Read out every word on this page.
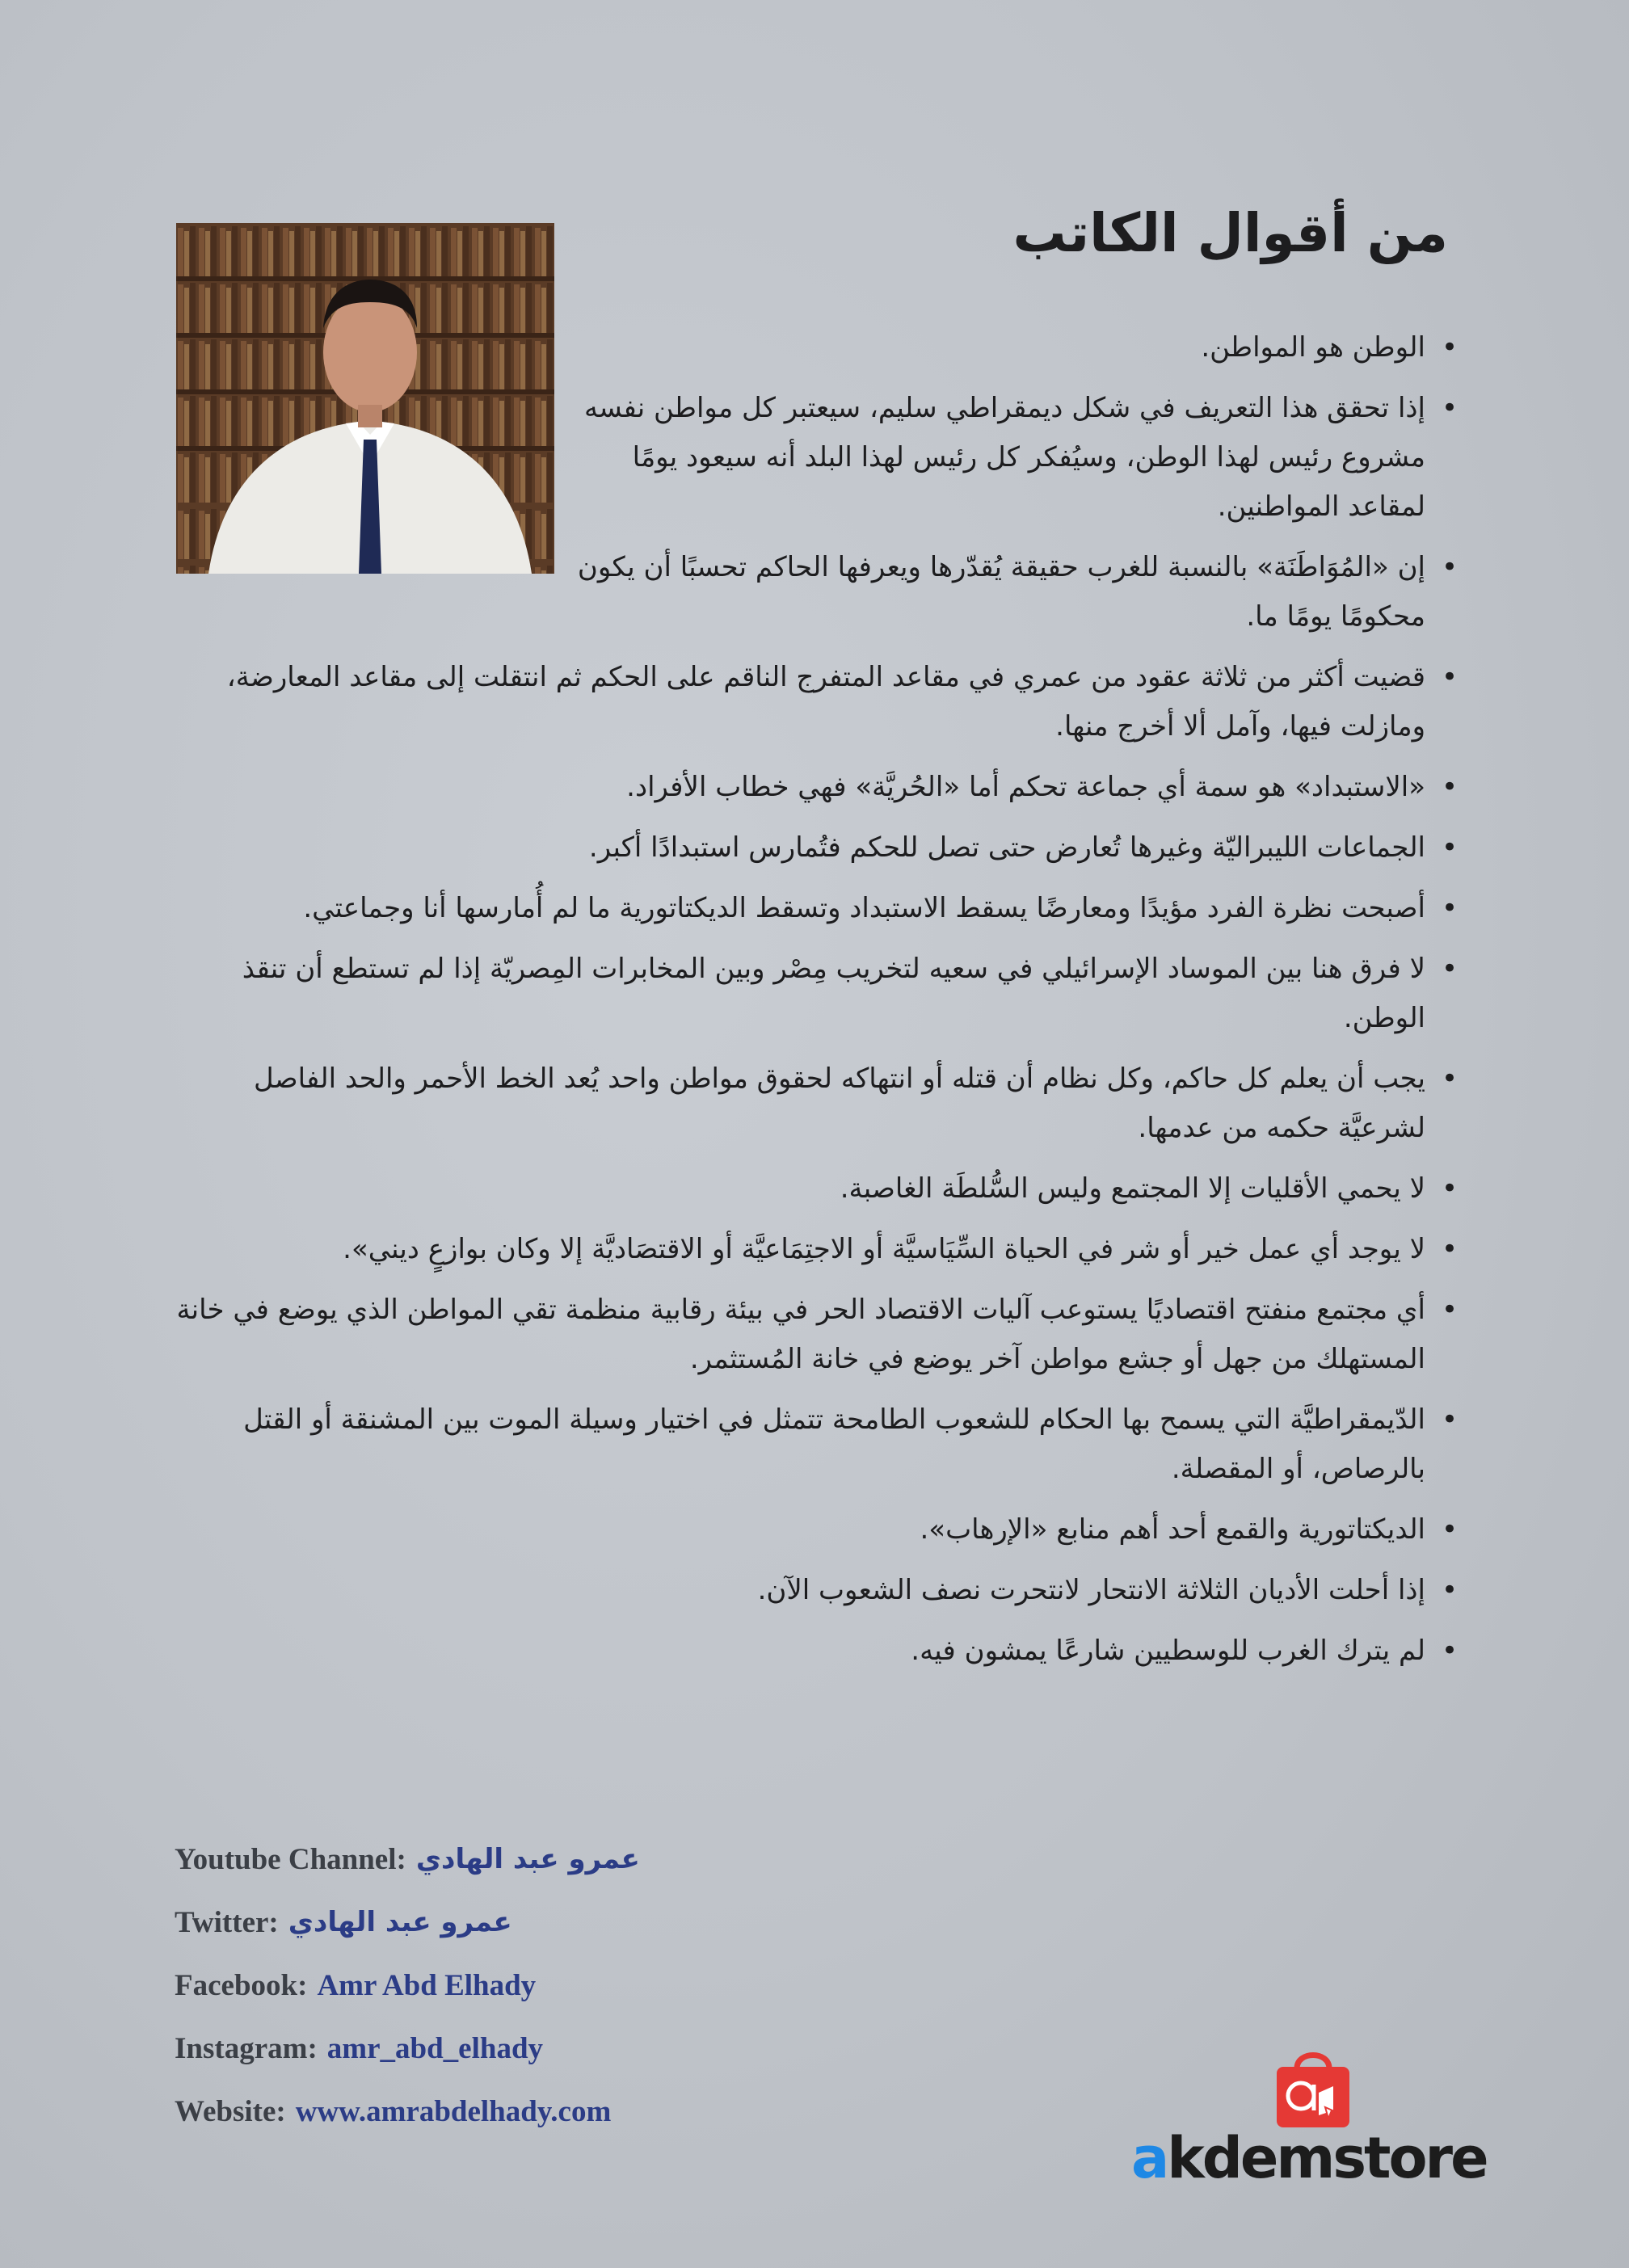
من أقوال الكاتب
• الوطن هو المواطن.
• إذا تحقق هذا التعريف في شكل ديمقراطي سليم، سيعتبر كل مواطن نفسه مشروع رئيس لهذا الوطن، وسيُفكر كل رئيس لهذا البلد أنه سيعود يومًا لمقاعد المواطنين.
• إن «المُوَاطَنَة» بالنسبة للغرب حقيقة يُقدّرها ويعرفها الحاكم تحسبًا أن يكون محكومًا يومًا ما.
• قضيت أكثر من ثلاثة عقود من عمري في مقاعد المتفرج الناقم على الحكم ثم انتقلت إلى مقاعد المعارضة، ومازلت فيها، وآمل ألا أخرج منها.
• «الاستبداد» هو سمة أي جماعة تحكم أما «الحُريَّة» فهي خطاب الأفراد.
• الجماعات الليبراليّة وغيرها تُعارض حتى تصل للحكم فتُمارس استبدادًا أكبر.
• أصبحت نظرة الفرد مؤيدًا ومعارضًا يسقط الاستبداد وتسقط الديكتاتورية ما لم أُمارسها أنا وجماعتي.
• لا فرق هنا بين الموساد الإسرائيلي في سعيه لتخريب مِصْر وبين المخابرات المِصريّة إذا لم تستطع أن تنقذ الوطن.
• يجب أن يعلم كل حاكم، وكل نظام أن قتله أو انتهاكه لحقوق مواطن واحد يُعد الخط الأحمر والحد الفاصل لشرعيَّة حكمه من عدمها.
• لا يحمي الأقليات إلا المجتمع وليس السُّلطَة الغاصبة.
• لا يوجد أي عمل خير أو شر في الحياة السِّيَاسيَّة أو الاجتِمَاعيَّة أو الاقتصَاديَّة إلا وكان بوازعٍ ديني».
• أي مجتمع منفتح اقتصاديًا يستوعب آليات الاقتصاد الحر في بيئة رقابية منظمة تقي المواطن الذي يوضع في خانة المستهلك من جهل أو جشع مواطن آخر يوضع في خانة المُستثمر.
• الدّيمقراطيَّة التي يسمح بها الحكام للشعوب الطامحة تتمثل في اختيار وسيلة الموت بين المشنقة أو القتل بالرصاص، أو المقصلة.
• الديكتاتورية والقمع أحد أهم منابع «الإرهاب».
• إذا أحلت الأديان الثلاثة الانتحار لانتحرت نصف الشعوب الآن.
• لم يترك الغرب للوسطيين شارعًا يمشون فيه.
Youtube Channel: عمرو عبد الهادي
Twitter: عمرو عبد الهادي
Facebook: Amr Abd Elhady
Instagram: amr_abd_elhady
Website: www.amrabdelhady.com
akdemstore
